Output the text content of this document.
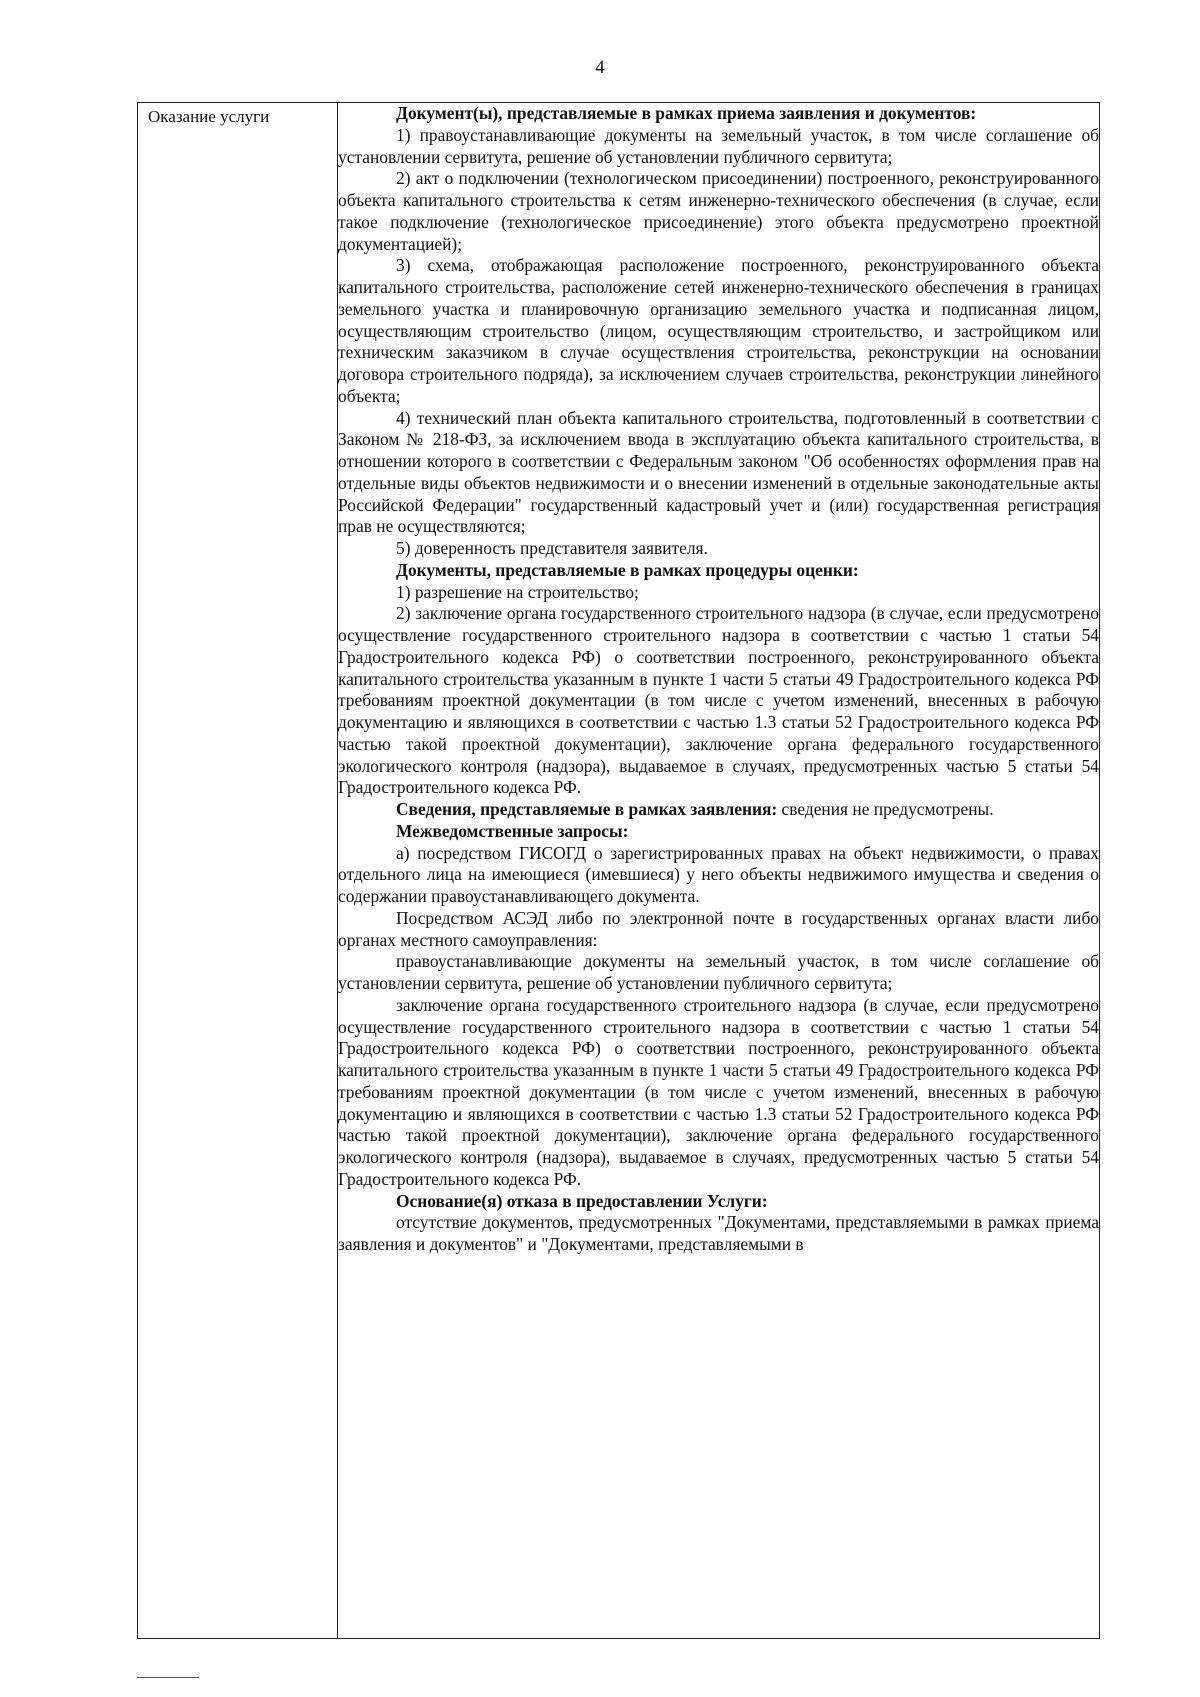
4
Оказание услуги	Документ(ы), представляемые в рамках приема заявления и документов:

1) правоустанавливающие документы на земельный участок, в том числе соглашение об установлении сервитута, решение об установлении публичного сервитута;

2) акт о подключении (технологическом присоединении) построенного, реконструированного объекта капитального строительства к сетям инженерно-технического обеспечения (в случае, если такое подключение (технологическое присоединение) этого объекта предусмотрено проектной документацией);

3) схема, отображающая расположение построенного, реконструированного объекта капитального строительства, расположение сетей инженерно-технического обеспечения в границах земельного участка и планировочную организацию земельного участка и подписанная лицом, осуществляющим строительство (лицом, осуществляющим строительство, и застройщиком или техническим заказчиком в случае осуществления строительства, реконструкции на основании договора строительного подряда), за исключением случаев строительства, реконструкции линейного объекта;

4) технический план объекта капитального строительства, подготовленный в соответствии с Законом № 218-ФЗ, за исключением ввода в эксплуатацию объекта капитального строительства, в отношении которого в соответствии с Федеральным законом "Об особенностях оформления прав на отдельные виды объектов недвижимости и о внесении изменений в отдельные законодательные акты Российской Федерации" государственный кадастровый учет и (или) государственная регистрация прав не осуществляются;

5) доверенность представителя заявителя.

Документы, представляемые в рамках процедуры оценки:

1) разрешение на строительство;

2) заключение органа государственного строительного надзора (в случае, если предусмотрено осуществление государственного строительного надзора в соответствии с частью 1 статьи 54 Градостроительного кодекса РФ) о соответствии построенного, реконструированного объекта капитального строительства указанным в пункте 1 части 5 статьи 49 Градостроительного кодекса РФ требованиям проектной документации (в том числе с учетом изменений, внесенных в рабочую документацию и являющихся в соответствии с частью 1.3 статьи 52 Градостроительного кодекса РФ частью такой проектной документации), заключение органа федерального государственного экологического контроля (надзора), выдаваемое в случаях, предусмотренных частью 5 статьи 54 Градостроительного кодекса РФ.

Сведения, представляемые в рамках заявления: сведения не предусмотрены.

Межведомственные запросы:

а) посредством ГИСОГД о зарегистрированных правах на объект недвижимости, о правах отдельного лица на имеющиеся (имевшиеся) у него объекты недвижимого имущества и сведения о содержании правоустанавливающего документа.

Посредством АСЭД либо по электронной почте в государственных органах власти либо органах местного самоуправления:

правоустанавливающие документы на земельный участок, в том числе соглашение об установлении сервитута, решение об установлении публичного сервитута;

заключение органа государственного строительного надзора (в случае, если предусмотрено осуществление государственного строительного надзора в соответствии с частью 1 статьи 54 Градостроительного кодекса РФ) о соответствии построенного, реконструированного объекта капитального строительства указанным в пункте 1 части 5 статьи 49 Градостроительного кодекса РФ требованиям проектной документации (в том числе с учетом изменений, внесенных в рабочую документацию и являющихся в соответствии с частью 1.3 статьи 52 Градостроительного кодекса РФ частью такой проектной документации), заключение органа федерального государственного экологического контроля (надзора), выдаваемое в случаях, предусмотренных частью 5 статьи 54 Градостроительного кодекса РФ.

Основание(я) отказа в предоставлении Услуги:

отсутствие документов, предусмотренных "Документами, представляемыми в рамках приема заявления и документов" и "Документами, представляемыми в
